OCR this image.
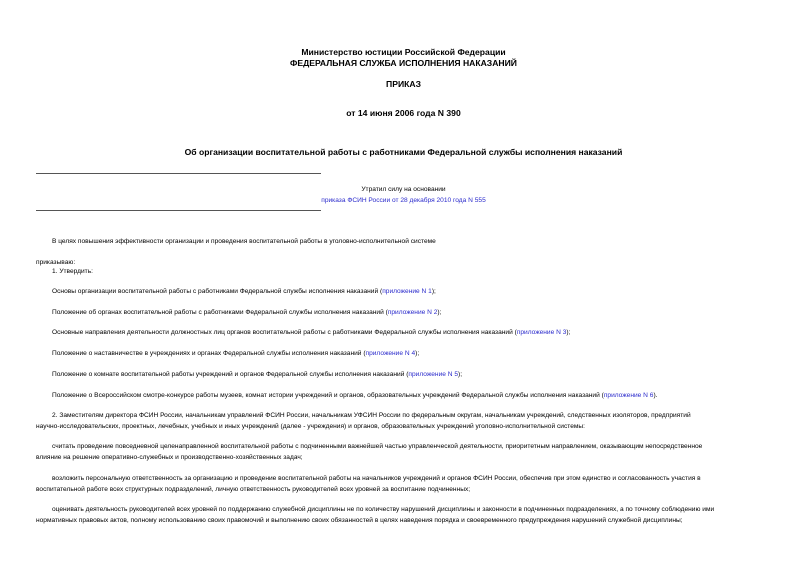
Министерство юстиции Российской Федерации
ФЕДЕРАЛЬНАЯ СЛУЖБА ИСПОЛНЕНИЯ НАКАЗАНИЙ
ПРИКАЗ
от 14 июня 2006 года N 390
Об организации воспитательной работы с работниками Федеральной службы исполнения наказаний
Утратил силу на основании
приказа ФСИН России от 28 декабря 2010 года N 555
В целях повышения эффективности организации и проведения воспитательной работы в уголовно-исполнительной системе
приказываю:
1. Утвердить:
Основы организации воспитательной работы с работниками Федеральной службы исполнения наказаний (приложение N 1);
Положение об органах воспитательной работы с работниками Федеральной службы исполнения наказаний (приложение N 2);
Основные направления деятельности должностных лиц органов воспитательной работы с работниками Федеральной службы исполнения наказаний (приложение N 3);
Положение о наставничестве в учреждениях и органах Федеральной службы исполнения наказаний (приложение N 4);
Положение о комнате воспитательной работы учреждений и органов Федеральной службы исполнения наказаний (приложение N 5);
Положение о Всероссийском смотре-конкурсе работы музеев, комнат истории учреждений и органов, образовательных учреждений Федеральной службы исполнения наказаний (приложение N 6).
2. Заместителям директора ФСИН России, начальникам управлений ФСИН России, начальникам УФСИН России по федеральным округам, начальникам учреждений, следственных изоляторов, предприятий
научно-исследовательских, проектных, лечебных, учебных и иных учреждений (далее - учреждения) и органов, образовательных учреждений уголовно-исполнительной системы:
считать проведение повседневной целенаправленной воспитательной работы с подчиненными важнейшей частью управленческой деятельности, приоритетным направлением, оказывающим непосредственное
влияние на решение оперативно-служебных и производственно-хозяйственных задач;
возложить персональную ответственность за организацию и проведение воспитательной работы на начальников учреждений и органов ФСИН России, обеспечив при этом единство и согласованность участия в
воспитательной работе всех структурных подразделений, личную ответственность руководителей всех уровней за воспитание подчиненных;
оценивать деятельность руководителей всех уровней по поддержанию служебной дисциплины не по количеству нарушений дисциплины и законности в подчиненных подразделениях, а по точному соблюдению ими
нормативных правовых актов, полному использованию своих правомочий и выполнению своих обязанностей в целях наведения порядка и своевременного предупреждения нарушений служебной дисциплины;
